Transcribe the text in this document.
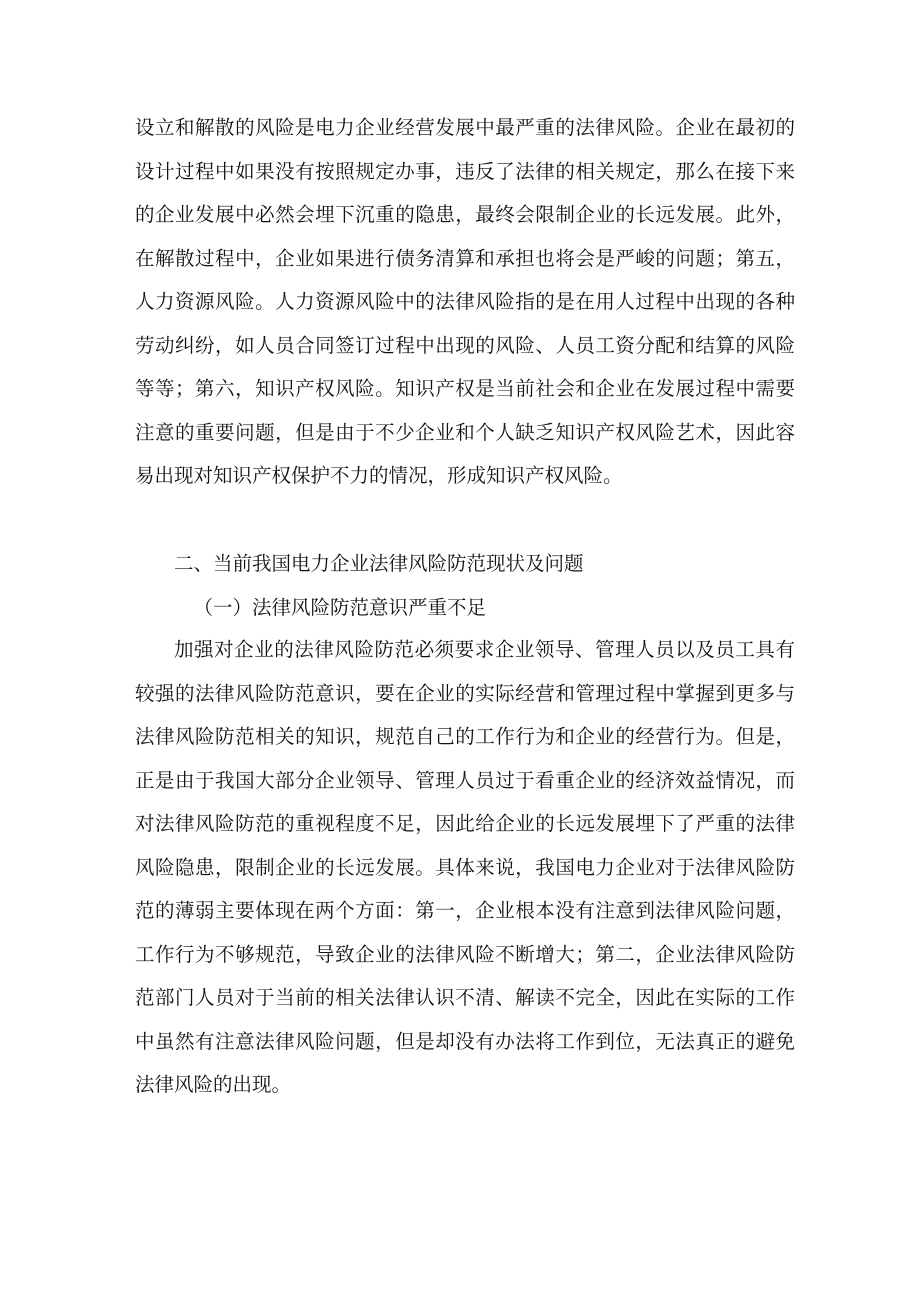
设立和解散的风险是电力企业经营发展中最严重的法律风险。企业在最初的设计过程中如果没有按照规定办事，违反了法律的相关规定，那么在接下来的企业发展中必然会埋下沉重的隐患，最终会限制企业的长远发展。此外，在解散过程中，企业如果进行债务清算和承担也将会是严峻的问题；第五，人力资源风险。人力资源风险中的法律风险指的是在用人过程中出现的各种劳动纠纷，如人员合同签订过程中出现的风险、人员工资分配和结算的风险等等；第六，知识产权风险。知识产权是当前社会和企业在发展过程中需要注意的重要问题，但是由于不少企业和个人缺乏知识产权风险艺术，因此容易出现对知识产权保护不力的情况，形成知识产权风险。

二、当前我国电力企业法律风险防范现状及问题

（一）法律风险防范意识严重不足

加强对企业的法律风险防范必须要求企业领导、管理人员以及员工具有较强的法律风险防范意识，要在企业的实际经营和管理过程中掌握到更多与法律风险防范相关的知识，规范自己的工作行为和企业的经营行为。但是，正是由于我国大部分企业领导、管理人员过于看重企业的经济效益情况，而对法律风险防范的重视程度不足，因此给企业的长远发展埋下了严重的法律风险隐患，限制企业的长远发展。具体来说，我国电力企业对于法律风险防范的薄弱主要体现在两个方面：第一，企业根本没有注意到法律风险问题，工作行为不够规范，导致企业的法律风险不断增大；第二，企业法律风险防范部门人员对于当前的相关法律认识不清、解读不完全，因此在实际的工作中虽然有注意法律风险问题，但是却没有办法将工作到位，无法真正的避免法律风险的出现。
